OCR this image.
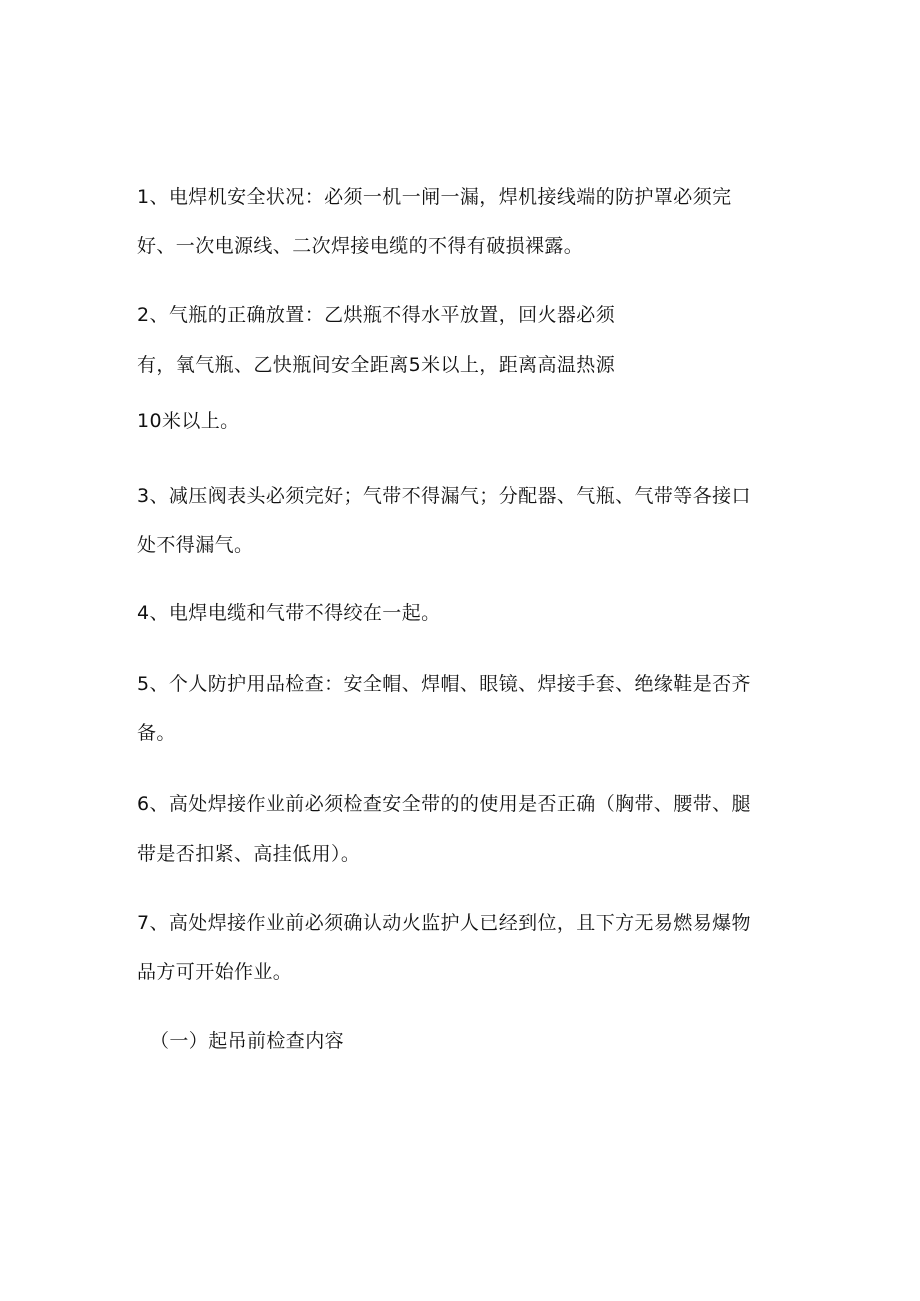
1、电焊机安全状况：必须一机一闸一漏，焊机接线端的防护罩必须完
好、一次电源线、二次焊接电缆的不得有破损裸露。
2、气瓶的正确放置：乙烘瓶不得水平放置，回火器必须
有，氧气瓶、乙快瓶间安全距离5米以上，距离高温热源
10米以上。
3、减压阀表头必须完好；气带不得漏气；分配器、气瓶、气带等各接口
处不得漏气。
4、电焊电缆和气带不得绞在一起。
5、个人防护用品检查：安全帽、焊帽、眼镜、焊接手套、绝缘鞋是否齐
备。
6、高处焊接作业前必须检查安全带的的使用是否正确（胸带、腰带、腿
带是否扣紧、高挂低用）。
7、高处焊接作业前必须确认动火监护人已经到位，且下方无易燃易爆物
品方可开始作业。
（一）起吊前检查内容
